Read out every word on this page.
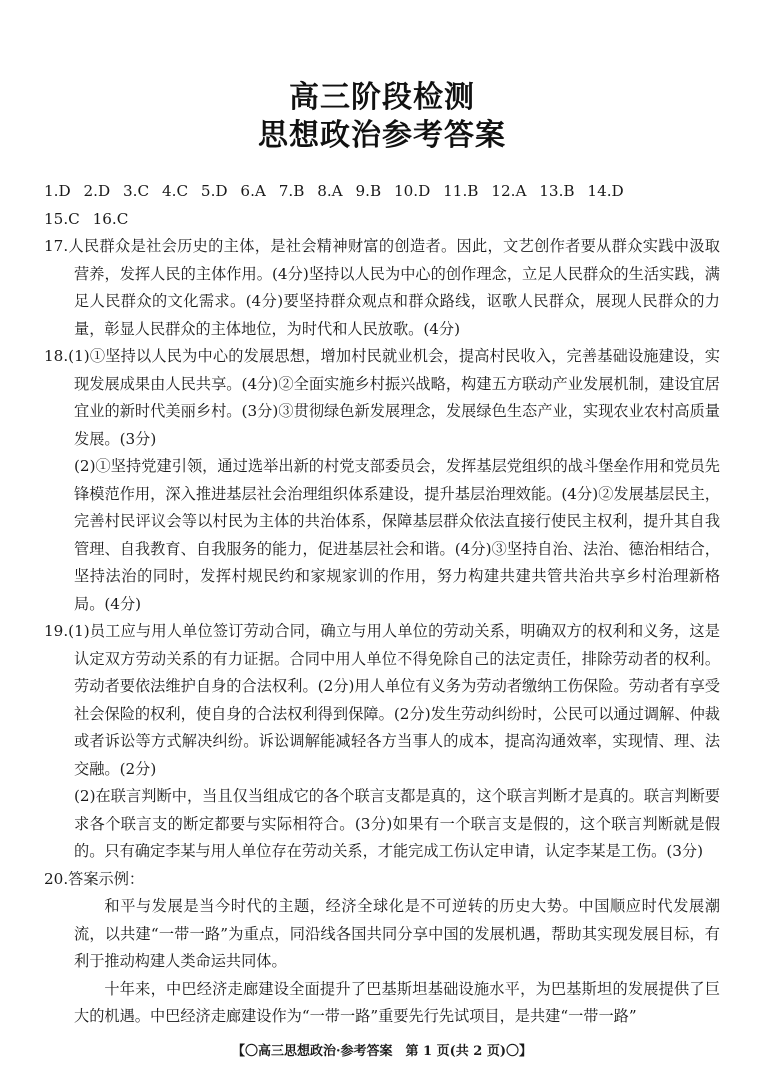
高三阶段检测
思想政治参考答案

1.D 2.D 3.C 4.C 5.D 6.A 7.B 8.A 9.B 10.D 11.B 12.A 13.B 14.D

15.C 16.C

17.人民群众是社会历史的主体，是社会精神财富的创造者。因此，文艺创作者要从群众实践中汲取营养，发挥人民的主体作用。(4分)坚持以人民为中心的创作理念，立足人民群众的生活实践，满足人民群众的文化需求。(4分)要坚持群众观点和群众路线，讴歌人民群众，展现人民群众的力量，彰显人民群众的主体地位，为时代和人民放歌。(4分)

18.(1)①坚持以人民为中心的发展思想，增加村民就业机会，提高村民收入，完善基础设施建设，实现发展成果由人民共享。(4分)②全面实施乡村振兴战略，构建五方联动产业发展机制，建设宜居宜业的新时代美丽乡村。(3分)③贯彻绿色新发展理念，发展绿色生态产业，实现农业农村高质量发展。(3分)

(2)①坚持党建引领，通过选举出新的村党支部委员会，发挥基层党组织的战斗堡垒作用和党员先锋模范作用，深入推进基层社会治理组织体系建设，提升基层治理效能。(4分)②发展基层民主，完善村民评议会等以村民为主体的共治体系，保障基层群众依法直接行使民主权利，提升其自我管理、自我教育、自我服务的能力，促进基层社会和谐。(4分)③坚持自治、法治、德治相结合，坚持法治的同时，发挥村规民约和家规家训的作用，努力构建共建共管共治共享乡村治理新格局。(4分)

19.(1)员工应与用人单位签订劳动合同，确立与用人单位的劳动关系，明确双方的权利和义务，这是认定双方劳动关系的有力证据。合同中用人单位不得免除自己的法定责任，排除劳动者的权利。劳动者要依法维护自身的合法权利。(2分)用人单位有义务为劳动者缴纳工伤保险。劳动者有享受社会保险的权利，使自身的合法权利得到保障。(2分)发生劳动纠纷时，公民可以通过调解、仲裁或者诉讼等方式解决纠纷。诉讼调解能减轻各方当事人的成本，提高沟通效率，实现情、理、法交融。(2分)

(2)在联言判断中，当且仅当组成它的各个联言支都是真的，这个联言判断才是真的。联言判断要求各个联言支的断定都要与实际相符合。(3分)如果有一个联言支是假的，这个联言判断就是假的。只有确定李某与用人单位存在劳动关系，才能完成工伤认定申请，认定李某是工伤。(3分)

20.答案示例：

和平与发展是当今时代的主题，经济全球化是不可逆转的历史大势。中国顺应时代发展潮流，以共建“一带一路”为重点，同沿线各国共同分享中国的发展机遇，帮助其实现发展目标，有利于推动构建人类命运共同体。

十年来，中巴经济走廊建设全面提升了巴基斯坦基础设施水平，为巴基斯坦的发展提供了巨大的机遇。中巴经济走廊建设作为“一带一路”重要先行先试项目，是共建“一带一路”

【〇高三思想政治·参考答案　第 1 页(共 2 页)〇】
